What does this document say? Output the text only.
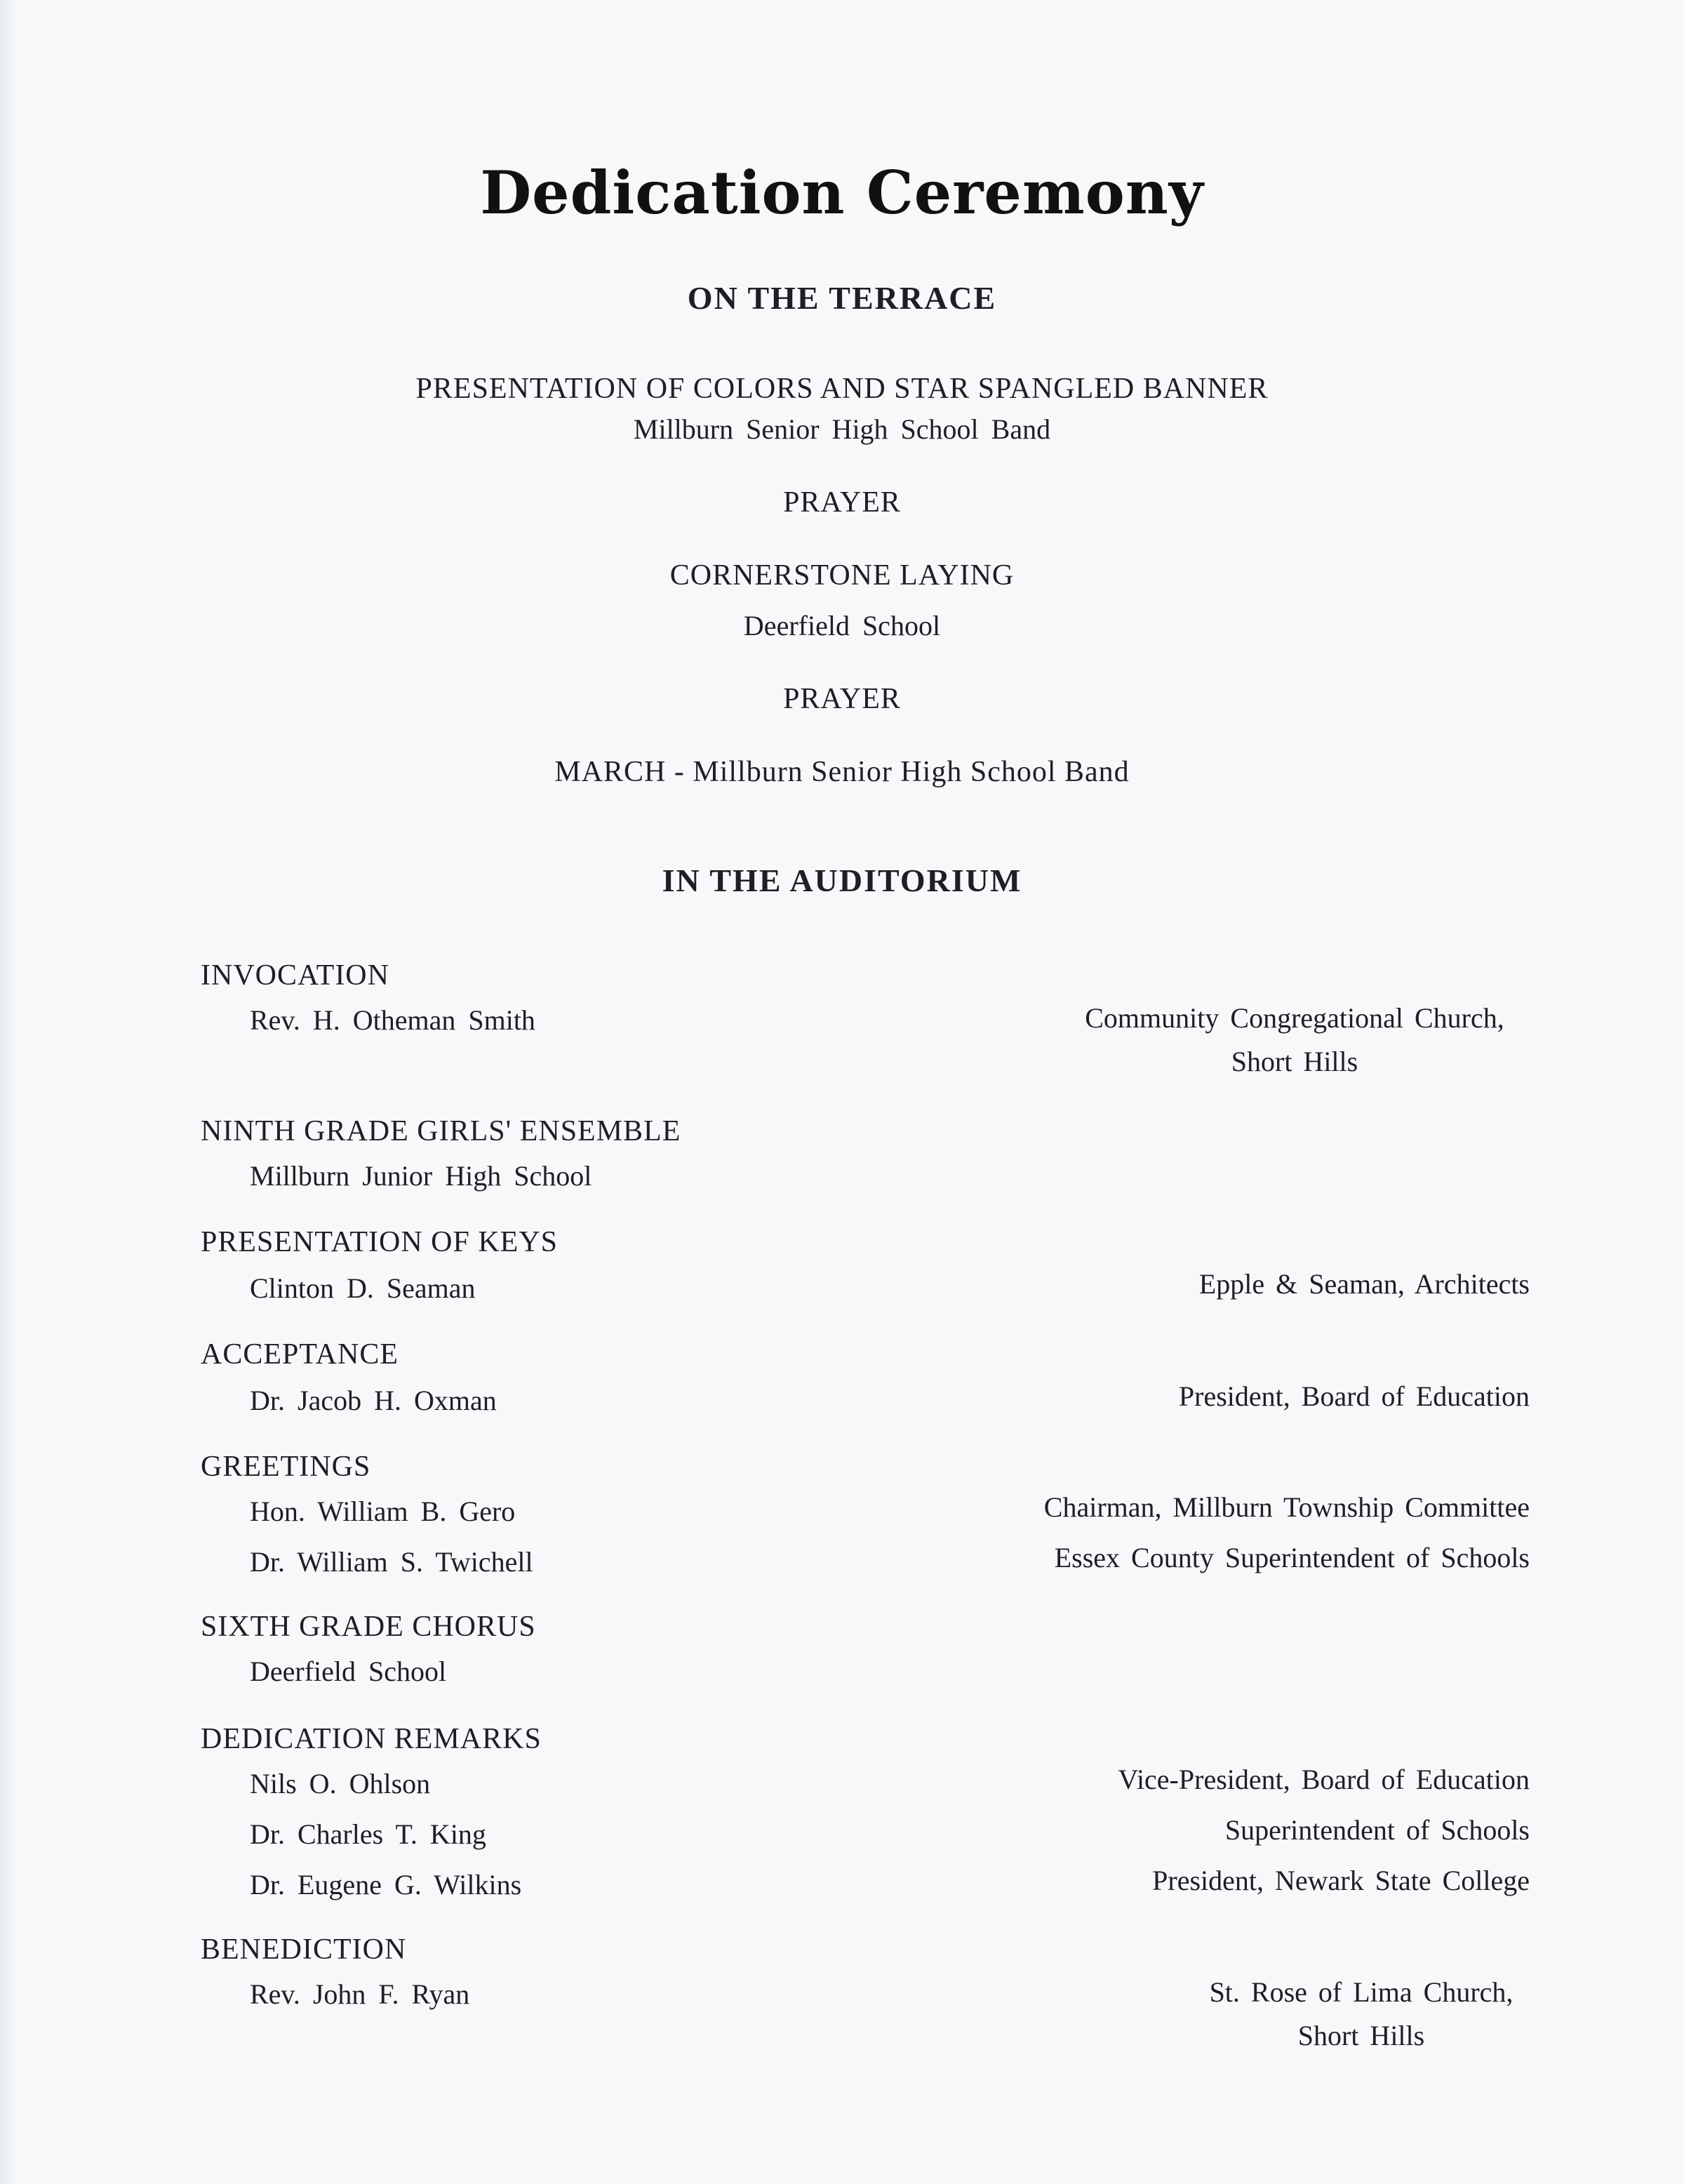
Dedication Ceremony
ON THE TERRACE
PRESENTATION OF COLORS AND STAR SPANGLED BANNER
Millburn Senior High School Band
PRAYER
CORNERSTONE LAYING
Deerfield School
PRAYER
MARCH - Millburn Senior High School Band
IN THE AUDITORIUM
INVOCATION
Rev. H. Otheman Smith	Community Congregational Church,
Short Hills
NINTH GRADE GIRLS' ENSEMBLE
Millburn Junior High School
PRESENTATION OF KEYS
Clinton D. Seaman	Epple & Seaman, Architects
ACCEPTANCE
Dr. Jacob H. Oxman	President, Board of Education
GREETINGS
Hon. William B. Gero	Chairman, Millburn Township Committee
Dr. William S. Twichell	Essex County Superintendent of Schools
SIXTH GRADE CHORUS
Deerfield School
DEDICATION REMARKS
Nils O. Ohlson	Vice-President, Board of Education
Dr. Charles T. King	Superintendent of Schools
Dr. Eugene G. Wilkins	President, Newark State College
BENEDICTION
Rev. John F. Ryan	St. Rose of Lima Church,
Short Hills
